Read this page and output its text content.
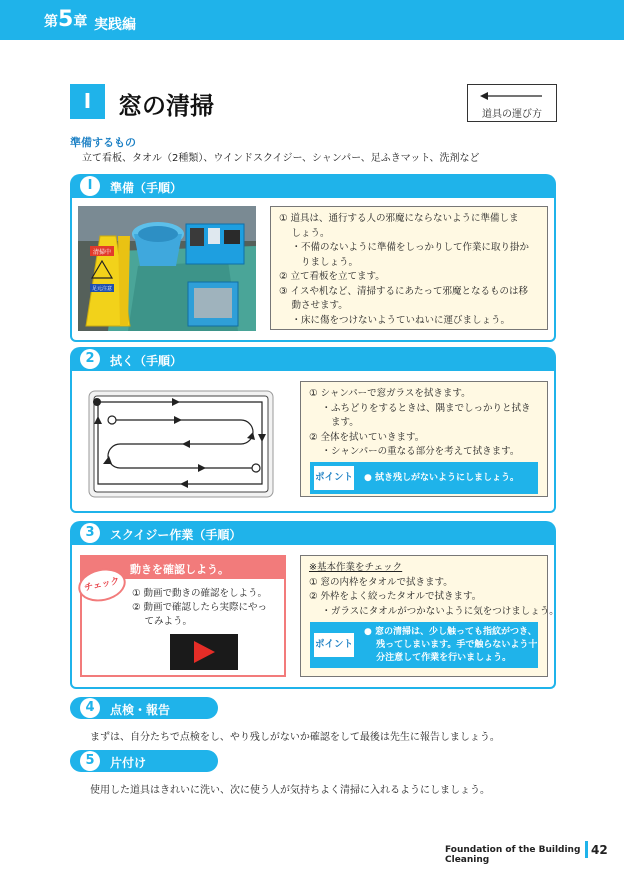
第5章 実践編
Ⅰ	窓の清掃	道具の運び方
準備するもの
立て看板、タオル（2種類）、ウインドスクイジー、シャンパー、足ふきマット、洗剤など
Ⅰ	準備（手順）
清掃中
足元注意
① 道具は、通行する人の邪魔にならないように準備しま
　 しょう。
　 ・不備のないように準備をしっかりして作業に取り掛か
　 　りましょう。
② 立て看板を立てます。
③ イスや机など、清掃するにあたって邪魔となるものは移
　 動させます。
　 ・床に傷をつけないようていねいに運びましょう。
2	拭く（手順）
① シャンパーで窓ガラスを拭きます。
　 ・ふちどりをするときは、隅までしっかりと拭き
　 　ます。
② 全体を拭いていきます。
　 ・シャンパーの重なる部分を考えて拭きます。
ポイント ● 拭き残しがないようにしましょう。
3	スクイジー作業（手順）
動きを確認しよう。
チェック	① 動画で動きの確認をしよう。
② 動画で確認したら実際にやっ
　 てみよう。
※基本作業をチェック
① 窓の内枠をタオルで拭きます。
② 外枠をよく絞ったタオルで拭きます。
　 ・ガラスにタオルがつかないように気をつけましょう。
ポイント
● 窓の清掃は、少し触っても指紋がつき、
　 残ってしまいます。手で触らないよう十
　 分注意して作業を行いましょう。
4	点検・報告
まずは、自分たちで点検をし、やり残しがないか確認をして最後は先生に報告しましょう。
5	片付け
使用した道具はきれいに洗い、次に使う人が気持ちよく清掃に入れるようにしましょう。
Foundation of the Building Cleaning
42
